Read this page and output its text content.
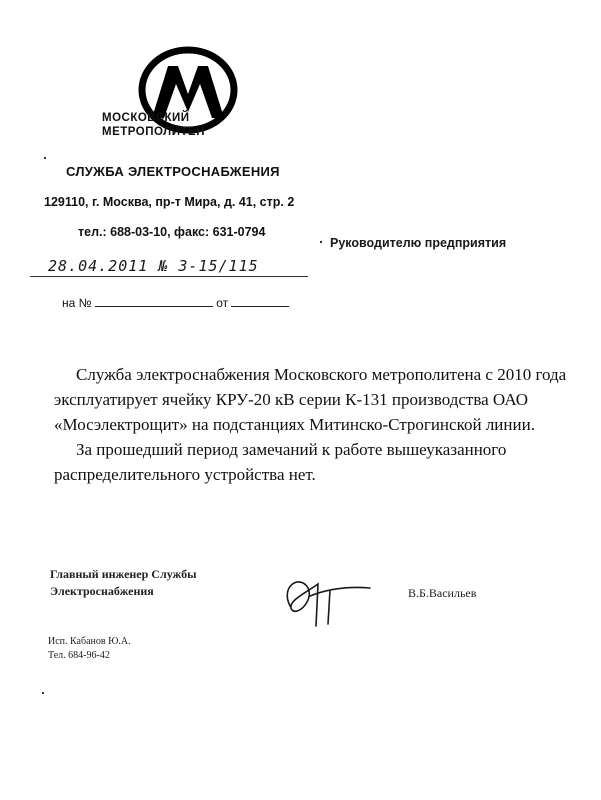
МОСКОВСКИЙ
МЕТРОПОЛИТЕН
СЛУЖБА ЭЛЕКТРОСНАБЖЕНИЯ
129110, г. Москва, пр-т Мира, д. 41, стр. 2
тел.: 688-03-10, факс: 631-0794
Руководителю предприятия
28.04.2011 № 3-15/115
на №	от

Служба электроснабжения Московского метрополитена с 2010 года эксплуатирует ячейку КРУ-20 кВ серии К-131 производства ОАО «Мосэлектрощит» на подстанциях Митинско-Строгинской линии.

За прошедший период замечаний к работе вышеуказанного распределительного устройства нет.

Главный инженер Службы
Электроснабжения	В.Б.Васильев
Исп. Кабанов Ю.А.
Тел. 684-96-42
